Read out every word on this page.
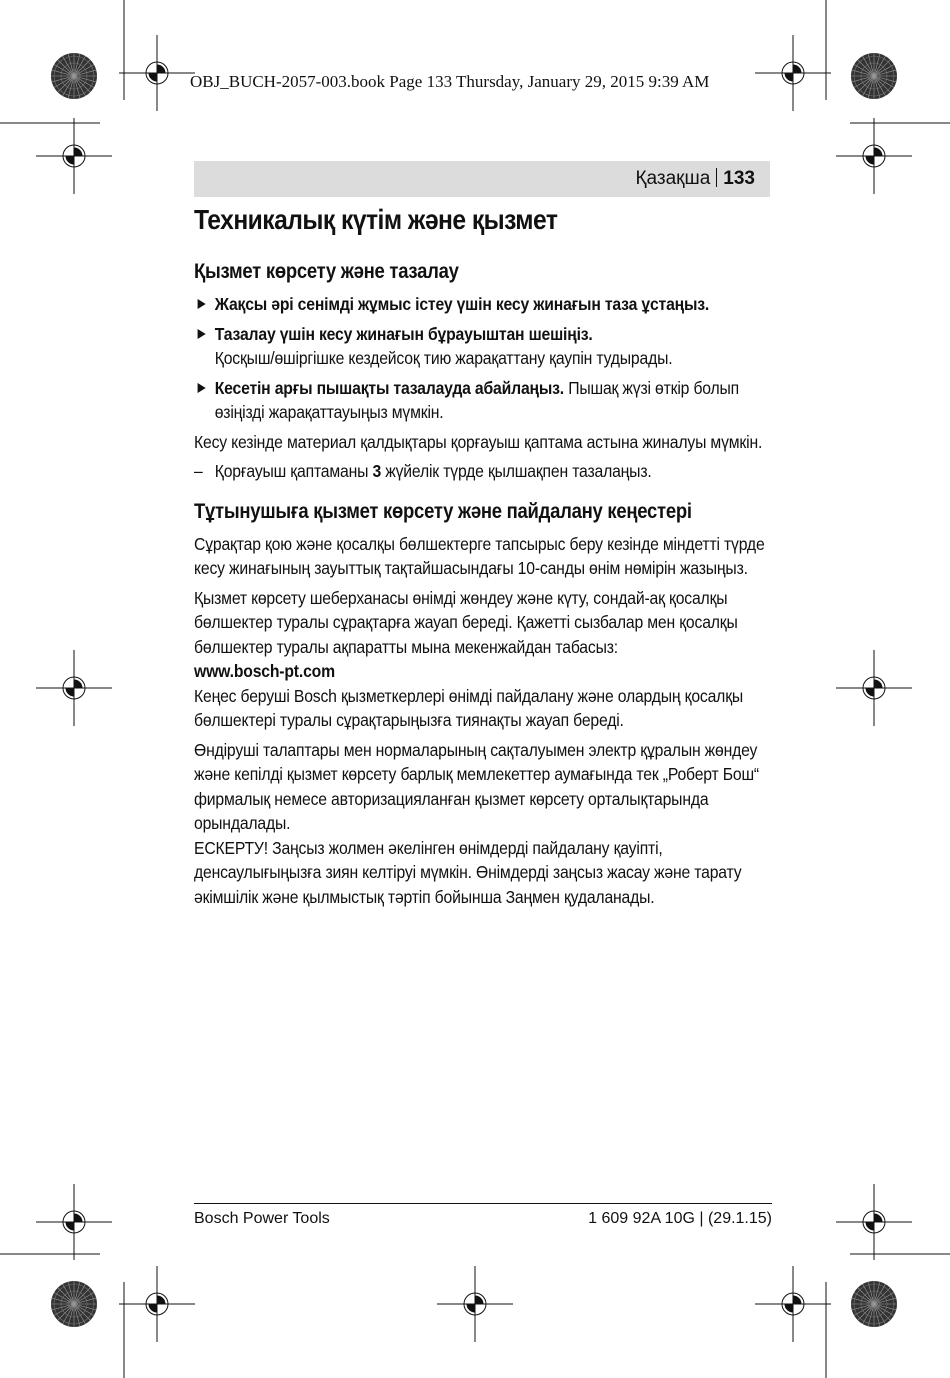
OBJ_BUCH-2057-003.book Page 133 Thursday, January 29, 2015 9:39 AM
Қазақша 133
Техникалық күтім және қызмет
Қызмет көрсету және тазалау
Жақсы әрі сенімді жұмыс істеу үшін кесу жинағын таза ұстаңыз.
Тазалау үшін кесу жинағын бұрауыштан шешіңіз.
Қосқыш/өшіргішке кездейсоқ тию жарақаттану қаупін тудырады.
Кесетін арғы пышақты тазалауда абайлаңыз. Пышақ жүзі өткір болып өзіңізді жарақаттауыңыз мүмкін.

Кесу кезінде материал қалдықтары қорғауыш қаптама астына жиналуы мүмкін.

– Қорғауыш қаптаманы 3 жүйелік түрде қылшақпен тазалаңыз.

Тұтынушыға қызмет көрсету және пайдалану кеңестері

Сұрақтар қою және қосалқы бөлшектерге тапсырыс беру кезінде міндетті түрде кесу жинағының зауыттық тақтайшасындағы 10-санды өнім нөмірін жазыңыз.

Қызмет көрсету шеберханасы өнімді жөндеу және күту, сондай-ақ қосалқы бөлшектер туралы сұрақтарға жауап береді. Қажетті сызбалар мен қосалқы бөлшектер туралы ақпаратты мына мекенжайдан табасыз:

www.bosch-pt.com

Кеңес беруші Bosch қызметкерлері өнімді пайдалану және олардың қосалқы бөлшектері туралы сұрақтарыңызға тиянақты жауап береді.

Өндіруші талаптары мен нормаларының сақталуымен электр құралын жөндеу және кепілді қызмет көрсету барлық мемлекеттер аумағында тек „Роберт Бош“ фирмалық немесе авторизацияланған қызмет көрсету орталықтарында орындалады.

ЕСКЕРТУ! Заңсыз жолмен әкелінген өнімдерді пайдалану қауіпті, денсаулығыңызға зиян келтіруі мүмкін. Өнімдерді заңсыз жасау және тарату әкімшілік және қылмыстық тәртіп бойынша Заңмен қудаланады.

Bosch Power Tools	1 609 92A 10G | (29.1.15)
